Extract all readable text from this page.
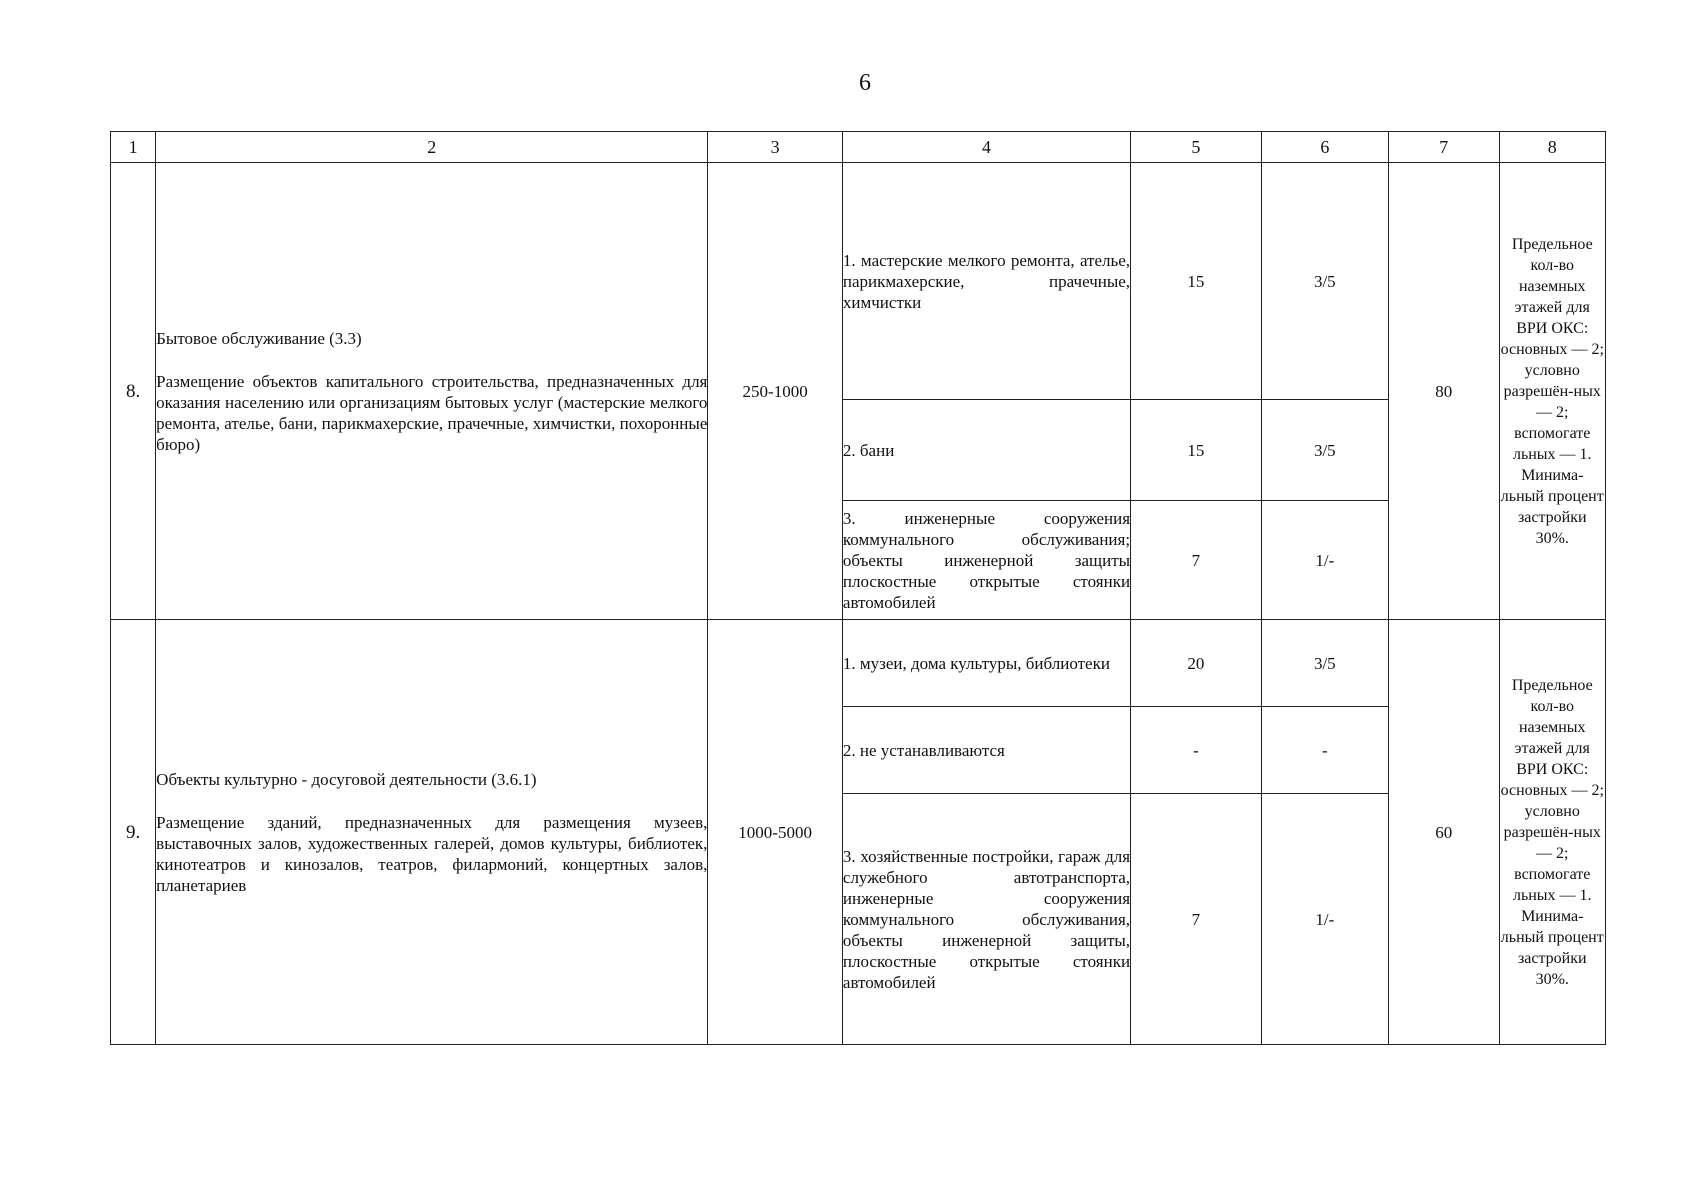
6
1	2	3	4	5	6	7	8
8.	Бытовое обслуживание (3.3)
Размещение объектов капитального строительства, предназначенных для оказания населению или организациям бытовых услуг (мастерские мелкого ремонта, ателье, бани, парикмахерские, прачечные, химчистки, похоронные бюро)	250-1000	1. мастерские мелкого ремонта, ателье, парикмахерские, прачечные, химчистки	15	3/5	80	Предельное кол-во наземных этажей для ВРИ ОКС: основных — 2; условно разрешён-ных — 2; вспомогате льных — 1. Минима-льный процент застройки 30%.
			2. бани	15	3/5		
			3. инженерные сооружения коммунального обслуживания; объекты инженерной защиты плоскостные открытые стоянки автомобилей	7	1/-		
9.	Объекты культурно - досуговой деятельности (3.6.1)
Размещение зданий, предназначенных для размещения музеев, выставочных залов, художественных галерей, домов культуры, библиотек, кинотеатров и кинозалов, театров, филармоний, концертных залов, планетариев	1000-5000	1. музеи, дома культуры, библиотеки	20	3/5	60	Предельное кол-во наземных этажей для ВРИ ОКС: основных — 2; условно разрешён-ных — 2; вспомогате льных — 1. Минима-льный процент застройки 30%.
			2. не устанавливаются	-	-		
			3. хозяйственные постройки, гараж для служебного автотранспорта, инженерные сооружения коммунального обслуживания, объекты инженерной защиты, плоскостные открытые стоянки автомобилей	7	1/-		
